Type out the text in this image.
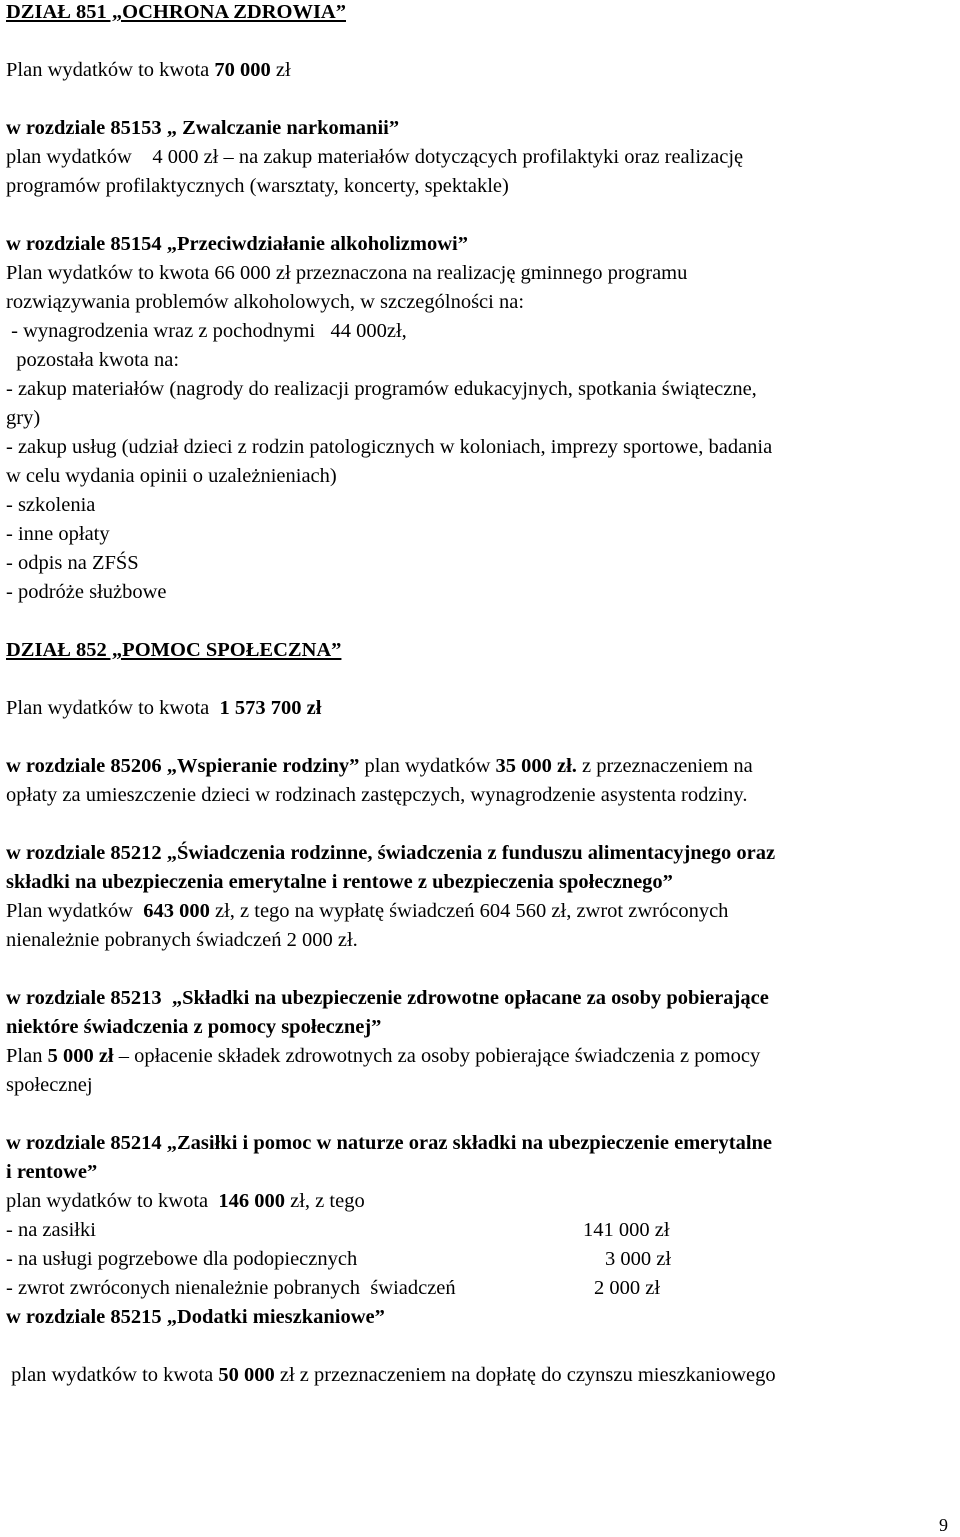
DZIAŁ 851 „OCHRONA ZDROWIA”
Plan wydatków to kwota 70 000 zł
w rozdziale 85153 „ Zwalczanie narkomanii”
plan wydatków    4 000 zł – na zakup materiałów dotyczących profilaktyki oraz realizację
programów profilaktycznych (warsztaty, koncerty, spektakle)
w rozdziale 85154 „Przeciwdziałanie alkoholizmowi”
Plan wydatków to kwota 66 000 zł przeznaczona na realizację gminnego programu
rozwiązywania problemów alkoholowych, w szczególności na:
- wynagrodzenia wraz z pochodnymi   44 000zł,
pozostała kwota na:
- zakup materiałów (nagrody do realizacji programów edukacyjnych, spotkania świąteczne,
gry)
- zakup usług (udział dzieci z rodzin patologicznych w koloniach, imprezy sportowe, badania
w celu wydania opinii o uzależnieniach)
- szkolenia
- inne opłaty
- odpis na ZFŚS
- podróże służbowe
DZIAŁ 852 „POMOC SPOŁECZNA”
Plan wydatków to kwota  1 573 700 zł
w rozdziale 85206 „Wspieranie rodziny” plan wydatków 35 000 zł. z przeznaczeniem na
opłaty za umieszczenie dzieci w rodzinach zastępczych, wynagrodzenie asystenta rodziny.
w rozdziale 85212 „Świadczenia rodzinne, świadczenia z funduszu alimentacyjnego oraz
składki na ubezpieczenia emerytalne i rentowe z ubezpieczenia społecznego”
Plan wydatków  643 000 zł, z tego na wypłatę świadczeń 604 560 zł, zwrot zwróconych
nienależnie pobranych świadczeń 2 000 zł.
w rozdziale 85213  „Składki na ubezpieczenie zdrowotne opłacane za osoby pobierające
niektóre świadczenia z pomocy społecznej”
Plan 5 000 zł – opłacenie składek zdrowotnych za osoby pobierające świadczenia z pomocy
społecznej
w rozdziale 85214 „Zasiłki i pomoc w naturze oraz składki na ubezpieczenie emerytalne
i rentowe”
plan wydatków to kwota  146 000 zł, z tego
- na zasiłki	141 000 zł
- na usługi pogrzebowe dla podopiecznych	3 000 zł
- zwrot zwróconych nienależnie pobranych  świadczeń	2 000 zł
w rozdziale 85215 „Dodatki mieszkaniowe”
plan wydatków to kwota 50 000 zł z przeznaczeniem na dopłatę do czynszu mieszkaniowego
9
